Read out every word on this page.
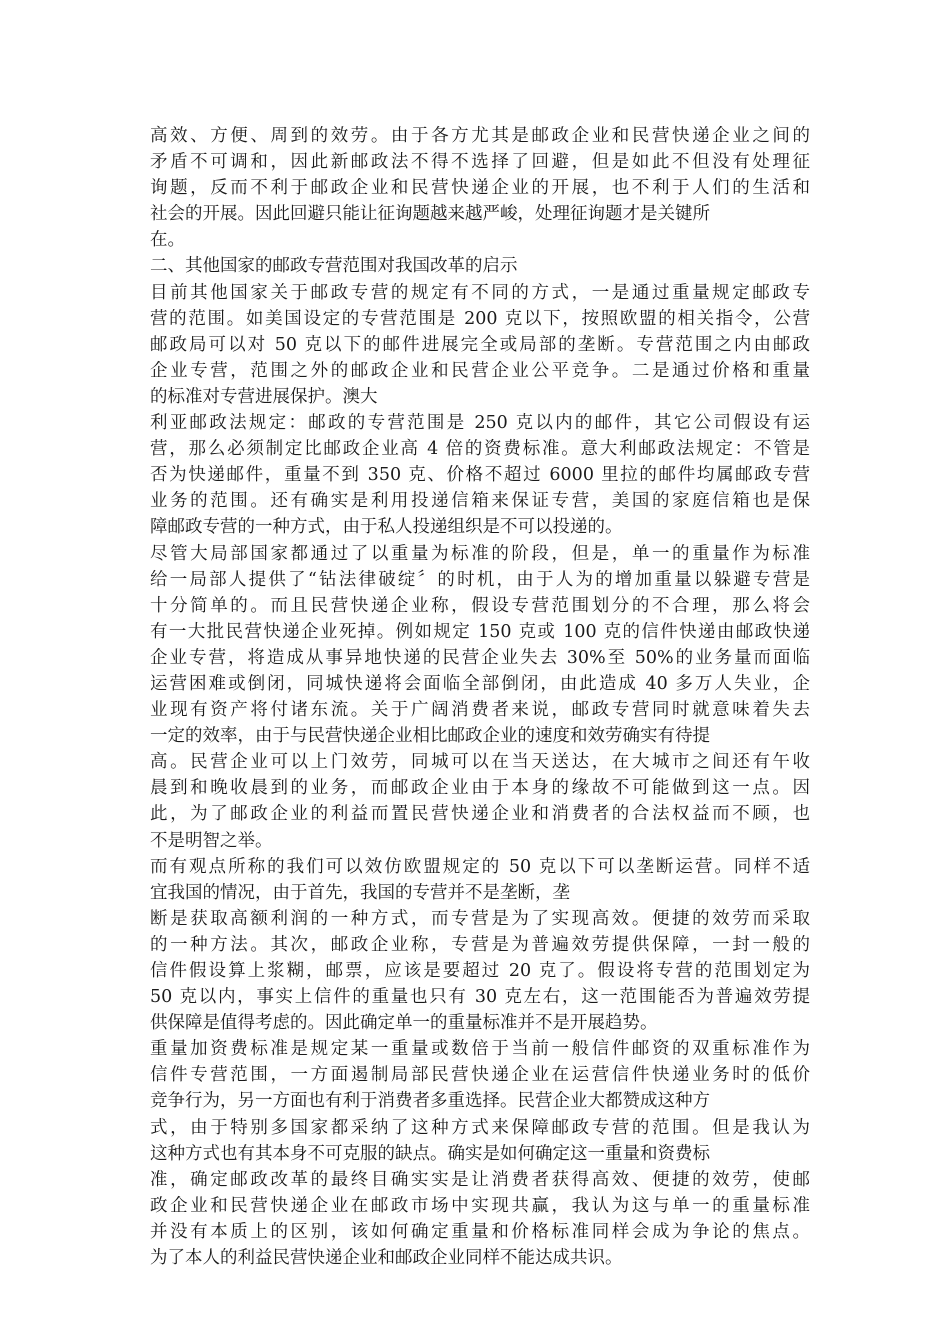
高效、方便、周到的效劳。由于各方尤其是邮政企业和民营快递企业之间的
矛盾不可调和，因此新邮政法不得不选择了回避，但是如此不但没有处理征
询题，反而不利于邮政企业和民营快递企业的开展，也不利于人们的生活和
社会的开展。因此回避只能让征询题越来越严峻，处理征询题才是关键所
在。
二、其他国家的邮政专营范围对我国改革的启示
目前其他国家关于邮政专营的规定有不同的方式，一是通过重量规定邮政专
营的范围。如美国设定的专营范围是 200 克以下，按照欧盟的相关指令，公营
邮政局可以对 50 克以下的邮件进展完全或局部的垄断。专营范围之内由邮政
企业专营，范围之外的邮政企业和民营企业公平竞争。二是通过价格和重量
的标准对专营进展保护。澳大
利亚邮政法规定：邮政的专营范围是 250 克以内的邮件，其它公司假设有运
营，那么必须制定比邮政企业高 4 倍的资费标准。意大利邮政法规定：不管是
否为快递邮件，重量不到 350 克、价格不超过 6000 里拉的邮件均属邮政专营
业务的范围。还有确实是利用投递信箱来保证专营，美国的家庭信箱也是保
障邮政专营的一种方式，由于私人投递组织是不可以投递的。
尽管大局部国家都通过了以重量为标准的阶段，但是，单一的重量作为标准
给一局部人提供了“钻法律破绽〞的时机，由于人为的增加重量以躲避专营是
十分简单的。而且民营快递企业称，假设专营范围划分的不合理，那么将会
有一大批民营快递企业死掉。例如规定 150 克或 100 克的信件快递由邮政快递
企业专营，将造成从事异地快递的民营企业失去 30%至 50%的业务量而面临
运营困难或倒闭，同城快递将会面临全部倒闭，由此造成 40 多万人失业，企
业现有资产将付诸东流。关于广阔消费者来说，邮政专营同时就意味着失去
一定的效率，由于与民营快递企业相比邮政企业的速度和效劳确实有待提
高。民营企业可以上门效劳，同城可以在当天送达，在大城市之间还有午收
晨到和晚收晨到的业务，而邮政企业由于本身的缘故不可能做到这一点。因
此，为了邮政企业的利益而置民营快递企业和消费者的合法权益而不顾，也
不是明智之举。
而有观点所称的我们可以效仿欧盟规定的 50 克以下可以垄断运营。同样不适
宜我国的情况，由于首先，我国的专营并不是垄断，垄
断是获取高额利润的一种方式，而专营是为了实现高效。便捷的效劳而采取
的一种方法。其次，邮政企业称，专营是为普遍效劳提供保障，一封一般的
信件假设算上浆糊，邮票，应该是要超过 20 克了。假设将专营的范围划定为
50 克以内，事实上信件的重量也只有 30 克左右，这一范围能否为普遍效劳提
供保障是值得考虑的。因此确定单一的重量标准并不是开展趋势。
重量加资费标准是规定某一重量或数倍于当前一般信件邮资的双重标准作为
信件专营范围，一方面遏制局部民营快递企业在运营信件快递业务时的低价
竞争行为，另一方面也有利于消费者多重选择。民营企业大都赞成这种方
式，由于特别多国家都采纳了这种方式来保障邮政专营的范围。但是我认为
这种方式也有其本身不可克服的缺点。确实是如何确定这一重量和资费标
准，确定邮政改革的最终目确实实是让消费者获得高效、便捷的效劳，使邮
政企业和民营快递企业在邮政市场中实现共赢，我认为这与单一的重量标准
并没有本质上的区别，该如何确定重量和价格标准同样会成为争论的焦点。
为了本人的利益民营快递企业和邮政企业同样不能达成共识。
